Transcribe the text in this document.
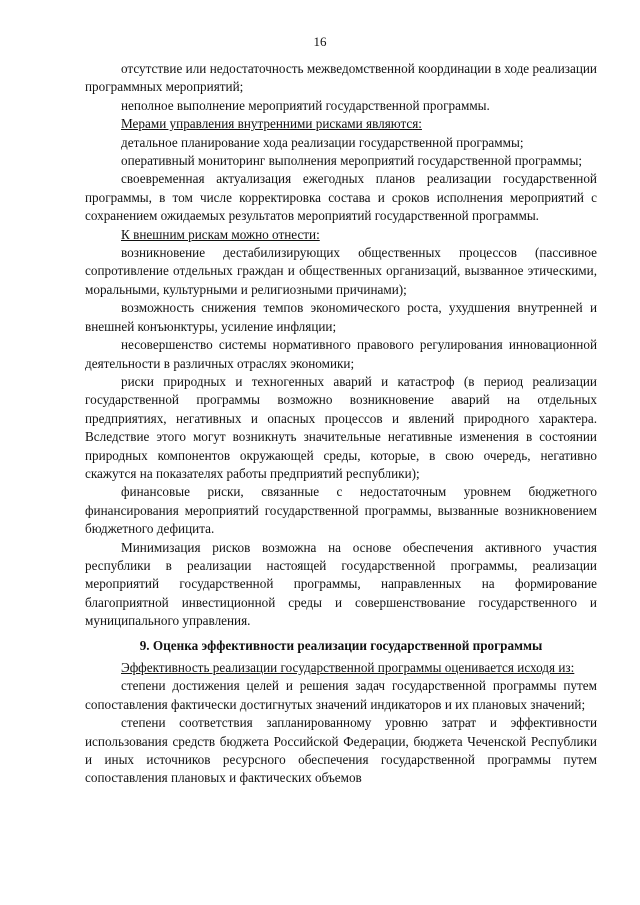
16

отсутствие или недостаточность межведомственной координации в ходе реализации программных мероприятий;

неполное выполнение мероприятий государственной программы.

Мерами управления внутренними рисками являются:

детальное планирование хода реализации государственной программы;

оперативный мониторинг выполнения мероприятий государственной программы;

своевременная актуализация ежегодных планов реализации государственной программы, в том числе корректировка состава и сроков исполнения мероприятий с сохранением ожидаемых результатов мероприятий государственной программы.

К внешним рискам можно отнести:

возникновение дестабилизирующих общественных процессов (пассивное сопротивление отдельных граждан и общественных организаций, вызванное этическими, моральными, культурными и религиозными причинами);

возможность снижения темпов экономического роста, ухудшения внутренней и внешней конъюнктуры, усиление инфляции;

несовершенство системы нормативного правового регулирования инновационной деятельности в различных отраслях экономики;

риски природных и техногенных аварий и катастроф (в период реализации государственной программы возможно возникновение аварий на отдельных предприятиях, негативных и опасных процессов и явлений природного характера. Вследствие этого могут возникнуть значительные негативные изменения в состоянии природных компонентов окружающей среды, которые, в свою очередь, негативно скажутся на показателях работы предприятий республики);

финансовые риски, связанные с недостаточным уровнем бюджетного финансирования мероприятий государственной программы, вызванные возникновением бюджетного дефицита.

Минимизация рисков возможна на основе обеспечения активного участия республики в реализации настоящей государственной программы, реализации мероприятий государственной программы, направленных на формирование благоприятной инвестиционной среды и совершенствование государственного и муниципального управления.

9. Оценка эффективности реализации государственной программы

Эффективность реализации государственной программы оценивается исходя из:

степени достижения целей и решения задач государственной программы путем сопоставления фактически достигнутых значений индикаторов и их плановых значений;

степени соответствия запланированному уровню затрат и эффективности использования средств бюджета Российской Федерации, бюджета Чеченской Республики и иных источников ресурсного обеспечения государственной программы путем сопоставления плановых и фактических объемов
